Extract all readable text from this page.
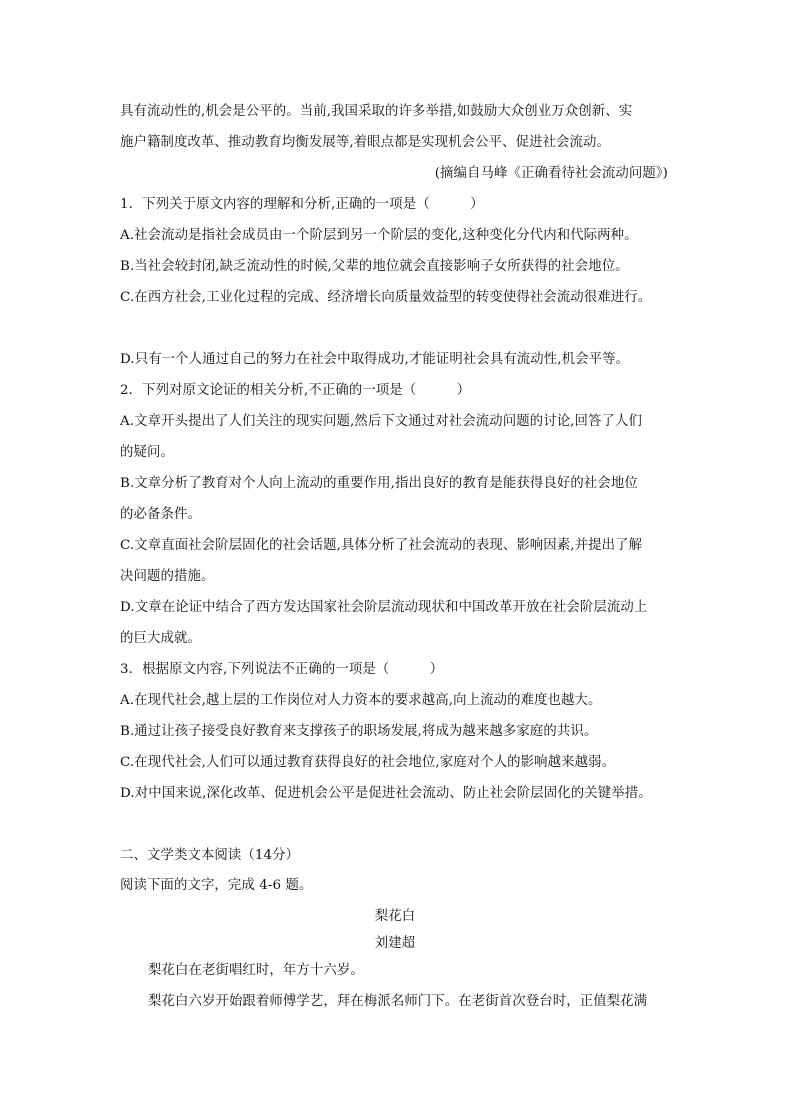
具有流动性的,机会是公平的。当前,我国采取的许多举措,如鼓励大众创业万众创新、实
施户籍制度改革、推动教育均衡发展等,着眼点都是实现机会公平、促进社会流动。
(摘编自马峰《正确看待社会流动问题》)
1．下列关于原文内容的理解和分析,正确的一项是（　　　）
A.社会流动是指社会成员由一个阶层到另一个阶层的变化,这种变化分代内和代际两种。
B.当社会较封闭,缺乏流动性的时候,父辈的地位就会直接影响子女所获得的社会地位。
C.在西方社会,工业化过程的完成、经济增长向质量效益型的转变使得社会流动很难进行。
D.只有一个人通过自己的努力在社会中取得成功,才能证明社会具有流动性,机会平等。
2．下列对原文论证的相关分析,不正确的一项是（　　　）
A.文章开头提出了人们关注的现实问题,然后下文通过对社会流动问题的讨论,回答了人们
的疑问。
B.文章分析了教育对个人向上流动的重要作用,指出良好的教育是能获得良好的社会地位
的必备条件。
C.文章直面社会阶层固化的社会话题,具体分析了社会流动的表现、影响因素,并提出了解
决问题的措施。
D.文章在论证中结合了西方发达国家社会阶层流动现状和中国改革开放在社会阶层流动上
的巨大成就。
3．根据原文内容,下列说法不正确的一项是（　　　）
A.在现代社会,越上层的工作岗位对人力资本的要求越高,向上流动的难度也越大。
B.通过让孩子接受良好教育来支撑孩子的职场发展,将成为越来越多家庭的共识。
C.在现代社会,人们可以通过教育获得良好的社会地位,家庭对个人的影响越来越弱。
D.对中国来说,深化改革、促进机会公平是促进社会流动、防止社会阶层固化的关键举措。
二、文学类文本阅读（14分）
阅读下面的文字，完成 4-6 题。
梨花白
刘建超
梨花白在老街唱红时，年方十六岁。
梨花白六岁开始跟着师傅学艺，拜在梅派名师门下。在老街首次登台时，正值梨花满
